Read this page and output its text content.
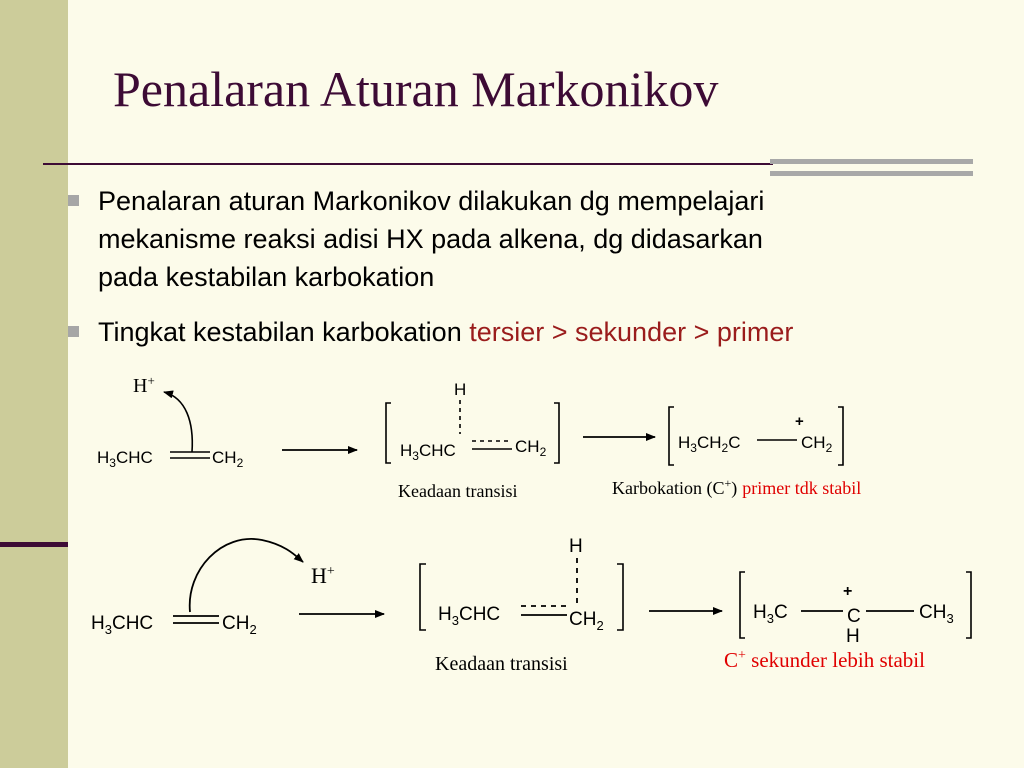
Penalaran Aturan Markonikov
Penalaran aturan Markonikov dilakukan dg mempelajari
mekanisme reaksi adisi HX pada alkena, dg didasarkan
pada kestabilan karbokation
Tingkat kestabilan karbokation tersier > sekunder > primer
H+
$H_3CHC$	$CH_2$
H
$H_3CHC$	$CH_2$
Keadaan transisi
$H_3CH_2C$
+
$CH_2$
Karbokation (C+) primer tdk stabil
H+
$H_3CHC$	$CH_2$
H
$H_3CHC$	$CH_2$
Keadaan transisi
$H_3C$
+
C
H
$CH_3$
C+ sekunder lebih stabil
